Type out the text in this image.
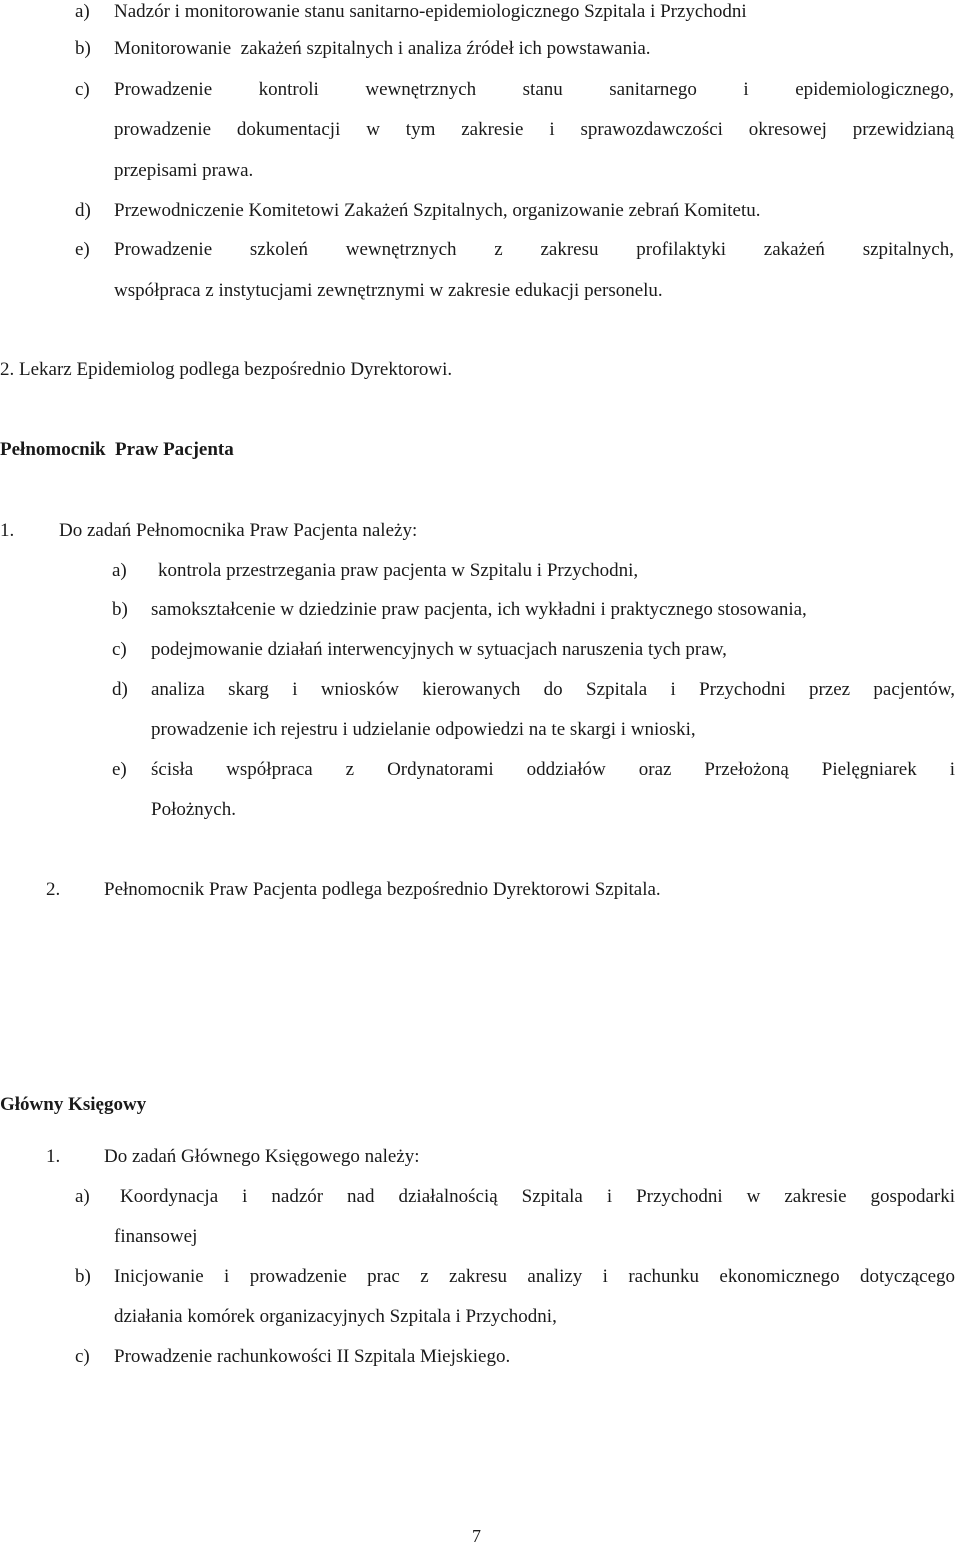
a) Nadzór i monitorowanie stanu sanitarno-epidemiologicznego Szpitala i Przychodni
b) Monitorowanie  zakażeń szpitalnych i analiza źródeł ich powstawania.
c) Prowadzenie kontroli wewnętrznych stanu sanitarnego i epidemiologicznego,
prowadzenie dokumentacji w tym zakresie i sprawozdawczości okresowej przewidzianą
przepisami prawa.
d) Przewodniczenie Komitetowi Zakażeń Szpitalnych, organizowanie zebrań Komitetu.
e) Prowadzenie szkoleń wewnętrznych z zakresu profilaktyki zakażeń szpitalnych,
współpraca z instytucjami zewnętrznymi w zakresie edukacji personelu.

2. Lekarz Epidemiolog podlega bezpośrednio Dyrektorowi.

Pełnomocnik  Praw Pacjenta
1. Do zadań Pełnomocnika Praw Pacjenta należy:
a) kontrola przestrzegania praw pacjenta w Szpitalu i Przychodni,
b) samokształcenie w dziedzinie praw pacjenta, ich wykładni i praktycznego stosowania,
c) podejmowanie działań interwencyjnych w sytuacjach naruszenia tych praw,
d) analiza skarg i wniosków kierowanych do Szpitala i Przychodni przez pacjentów,
prowadzenie ich rejestru i udzielanie odpowiedzi na te skargi i wnioski,
e) ścisła współpraca z Ordynatorami oddziałów oraz Przełożoną Pielęgniarek i
Położnych.
2. Pełnomocnik Praw Pacjenta podlega bezpośrednio Dyrektorowi Szpitala.
Główny Księgowy
1. Do zadań Głównego Księgowego należy:
a) Koordynacja i nadzór nad działalnością Szpitala i Przychodni w zakresie gospodarki
finansowej
b) Inicjowanie i prowadzenie prac z zakresu analizy i rachunku ekonomicznego dotyczącego
działania komórek organizacyjnych Szpitala i Przychodni,
c) Prowadzenie rachunkowości II Szpitala Miejskiego.
7
